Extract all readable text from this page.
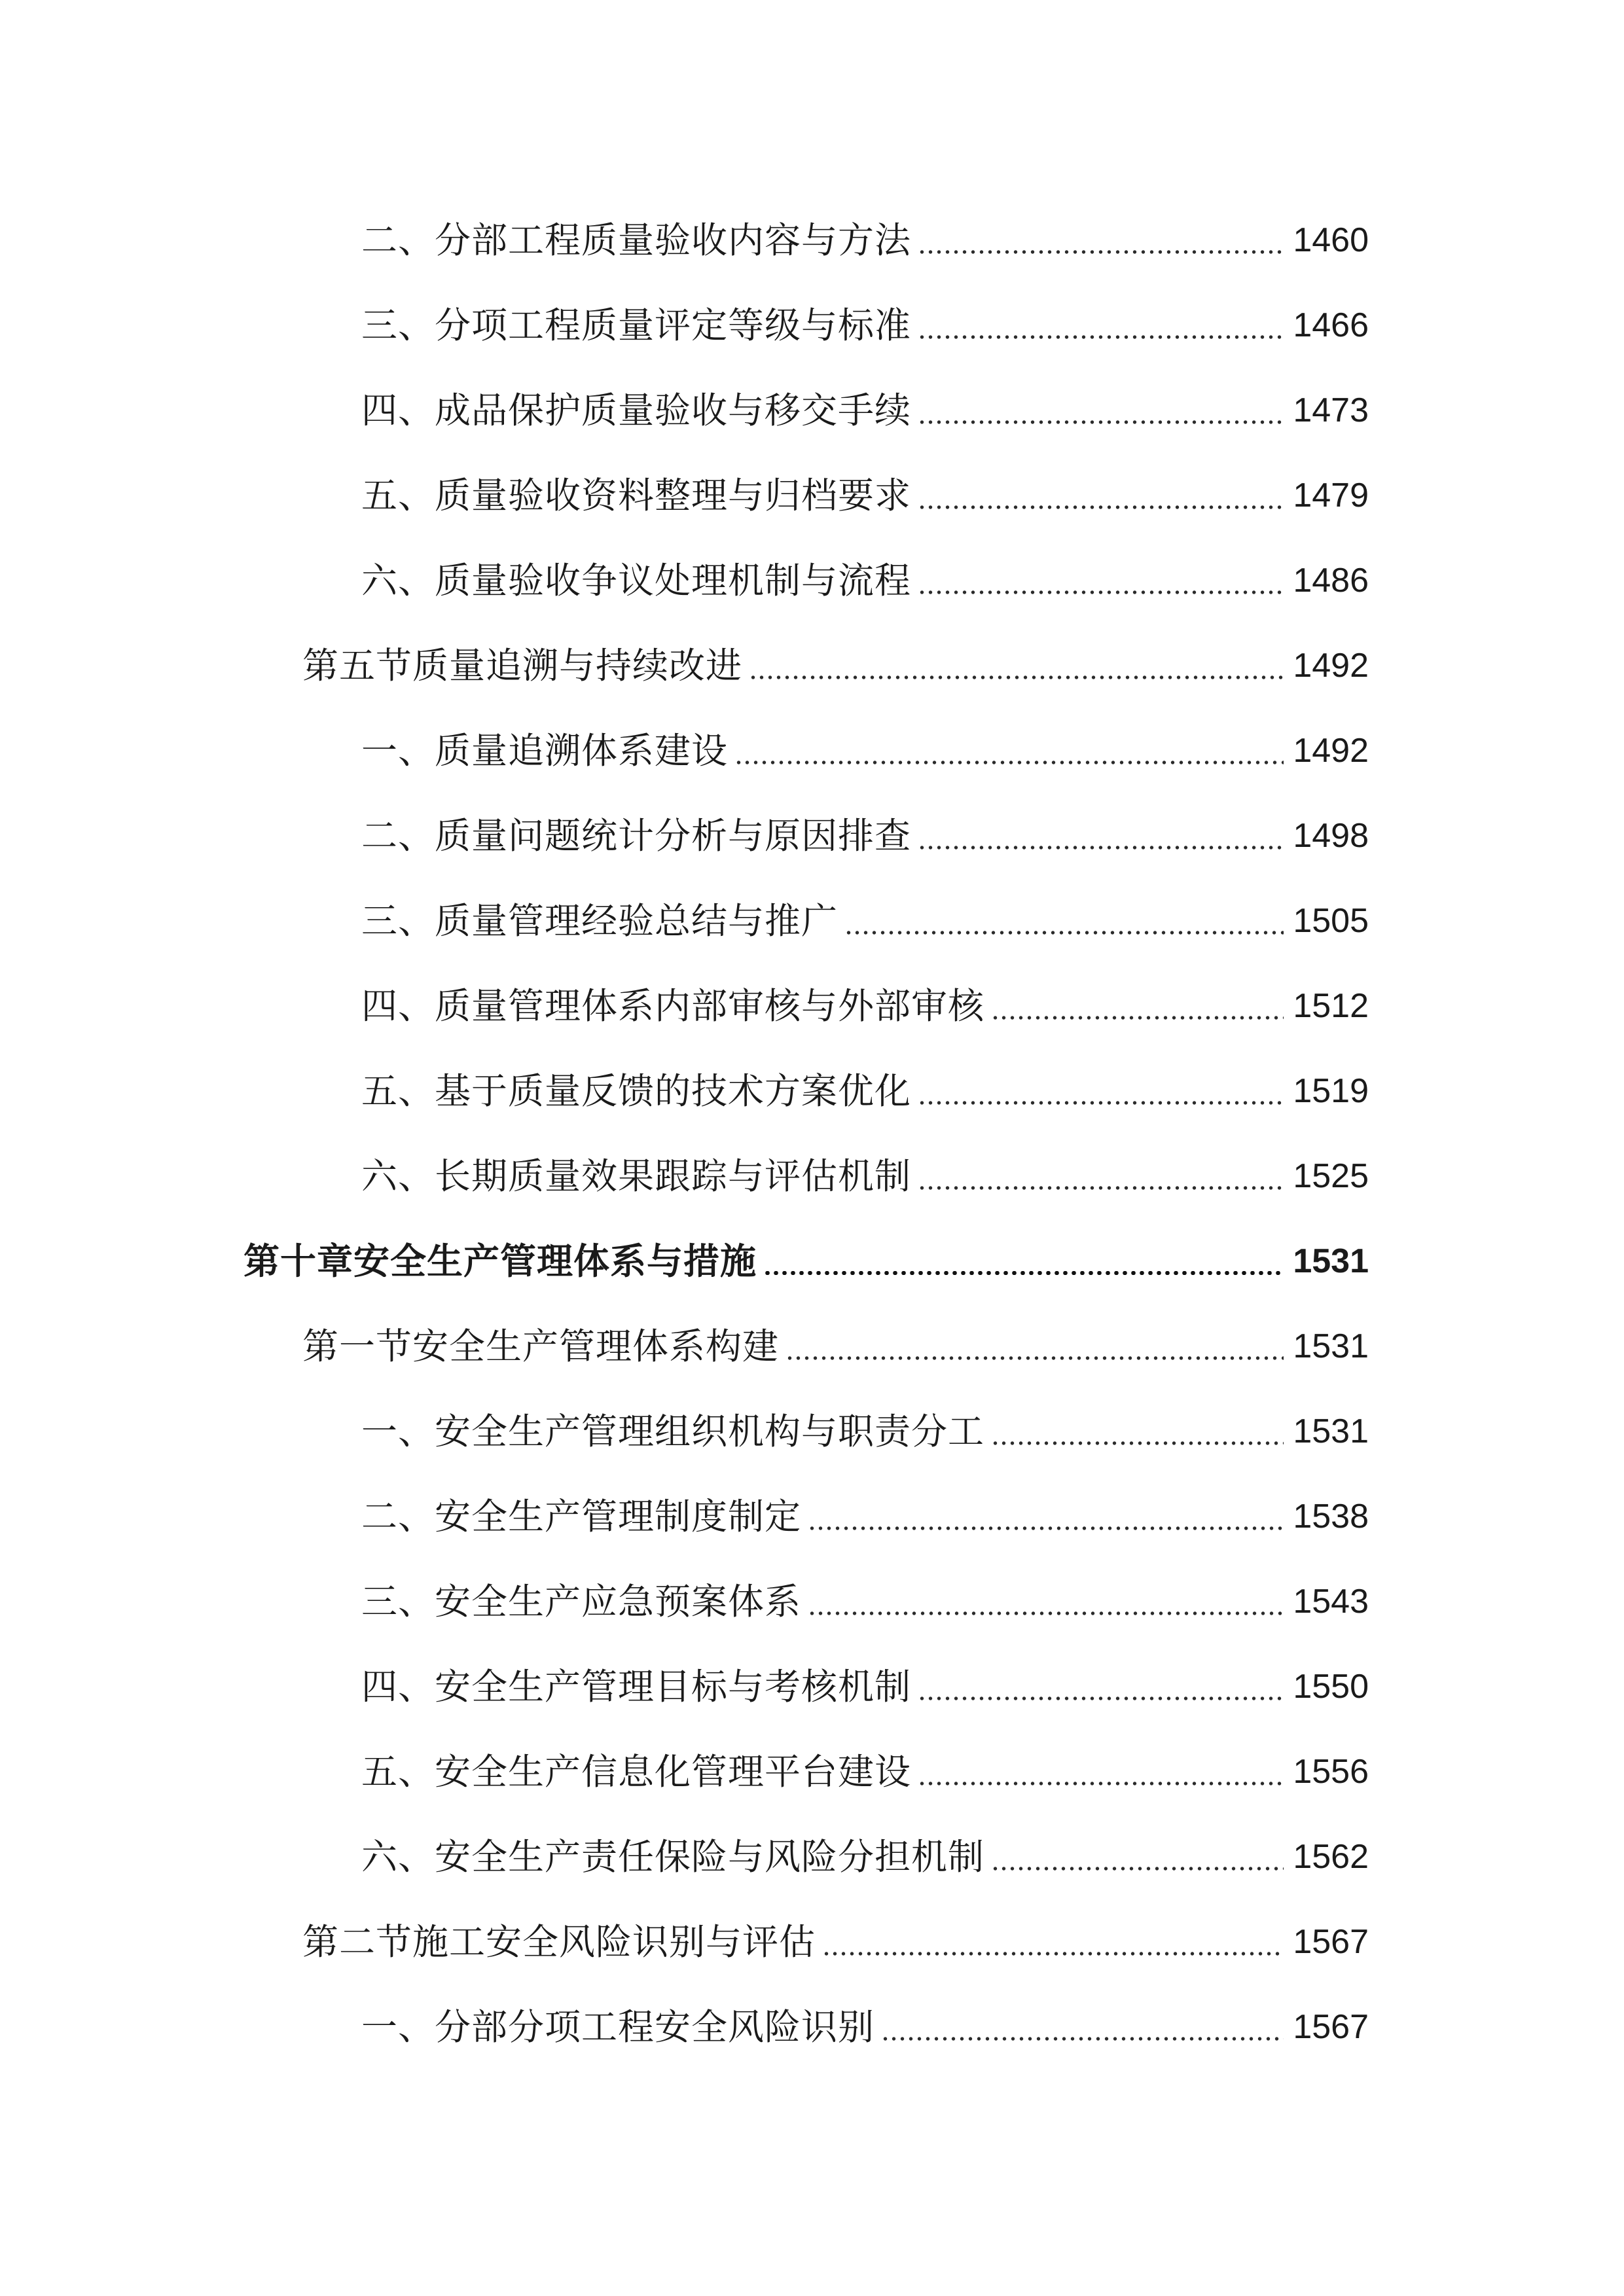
二、分部工程质量验收内容与方法	1460
三、分项工程质量评定等级与标准	1466
四、成品保护质量验收与移交手续	1473
五、质量验收资料整理与归档要求	1479
六、质量验收争议处理机制与流程	1486
第五节质量追溯与持续改进	1492
一、质量追溯体系建设	1492
二、质量问题统计分析与原因排查	1498
三、质量管理经验总结与推广	1505
四、质量管理体系内部审核与外部审核	1512
五、基于质量反馈的技术方案优化	1519
六、长期质量效果跟踪与评估机制	1525
第十章安全生产管理体系与措施	1531
第一节安全生产管理体系构建	1531
一、安全生产管理组织机构与职责分工	1531
二、安全生产管理制度制定	1538
三、安全生产应急预案体系	1543
四、安全生产管理目标与考核机制	1550
五、安全生产信息化管理平台建设	1556
六、安全生产责任保险与风险分担机制	1562
第二节施工安全风险识别与评估	1567
一、分部分项工程安全风险识别	1567
